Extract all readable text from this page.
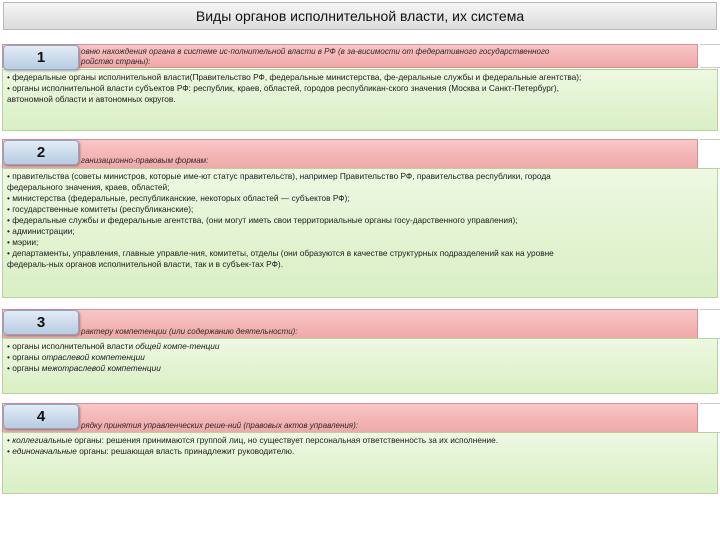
Виды органов исполнительной власти, их система
овню нахождения органа в системе ис-полнительной власти в РФ (в за-висимости от федеративного государственного
ройство страны):

• федеральные органы исполнительной власти(Правительство РФ, федеральные министерства, фе-деральные службы и федеральные агентства);

• органы исполнительной власти субъектов РФ: республик, краев, областей, городов республикан-ского значения (Москва и Санкт-Петербург),

автономной области и автономных округов.

1
ганизационно-правовым формам:

• правительства (советы министров, которые име-ют статус правительств), например Правительство РФ, правительства республики, города

федерального значения, краев, областей;

• министерства (федеральные, республиканские, некоторых областей — субъектов РФ);

• государственные комитеты (республиканские);

• федеральные службы и федеральные агентства, (они могут иметь свои территориальные органы госу-дарственного управления);

• администрации;

• мэрии;

• департаменты, управления, главные управле-ния, комитеты, отделы (они образуются в качестве структурных подразделений как на уровне

федераль-ных органов исполнительной власти, так и в субъек-тах РФ).

2
рактеру компетенции (или содержанию деятельности):

• органы исполнительной власти общей компе-тенции

• органы отраслевой компетенции

• органы межотраслевой компетенции

3
рядку принятия управленческих реше-ний (правовых актов управления):

• коллегиальные органы: решения принимаются группой лиц, но существует персональная ответственность за их исполнение.

• единоначальные органы: решающая власть принадлежит руководителю.

4
